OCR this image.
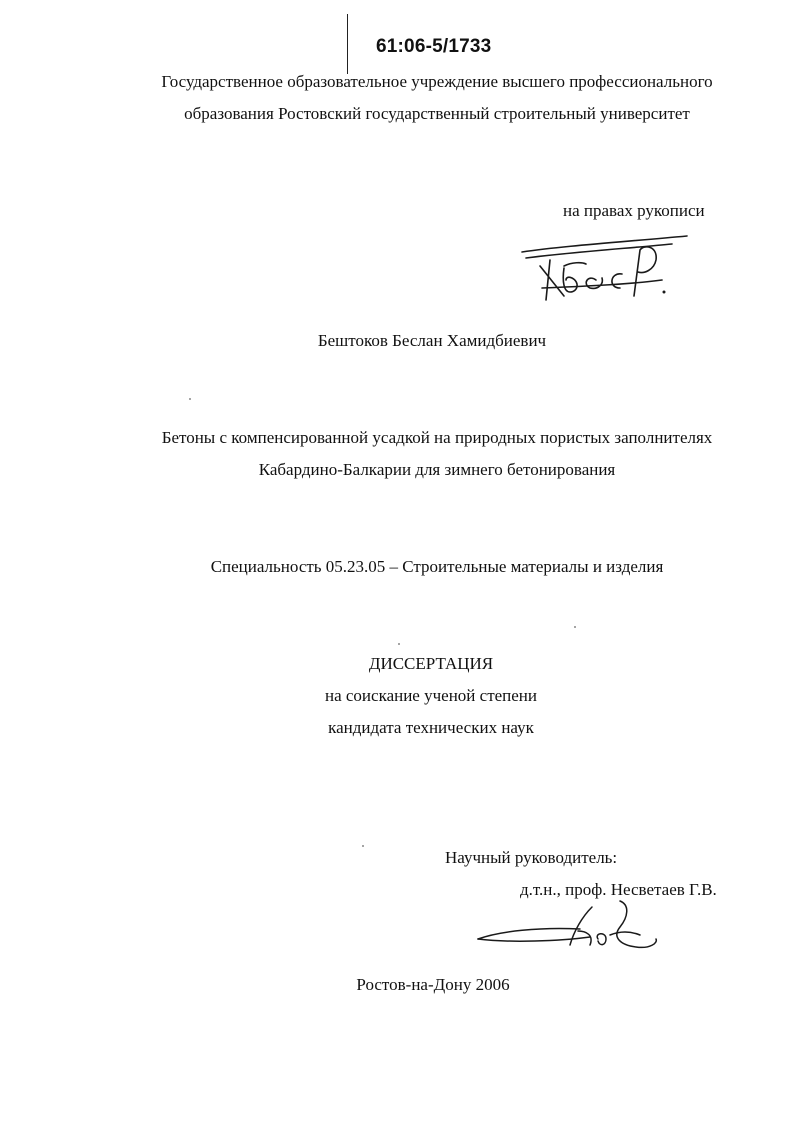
61:06-5/1733
Государственное образовательное учреждение высшего профессионального
образования Ростовский государственный строительный университет
на правах рукописи
Бештоков Беслан Хамидбиевич
Бетоны с компенсированной усадкой на природных пористых заполнителях
Кабардино-Балкарии для зимнего бетонирования
Специальность 05.23.05 – Строительные материалы и изделия
ДИССЕРТАЦИЯ
на соискание ученой степени
кандидата технических наук
Научный руководитель:
д.т.н., проф. Несветаев Г.В.
Ростов-на-Дону 2006
